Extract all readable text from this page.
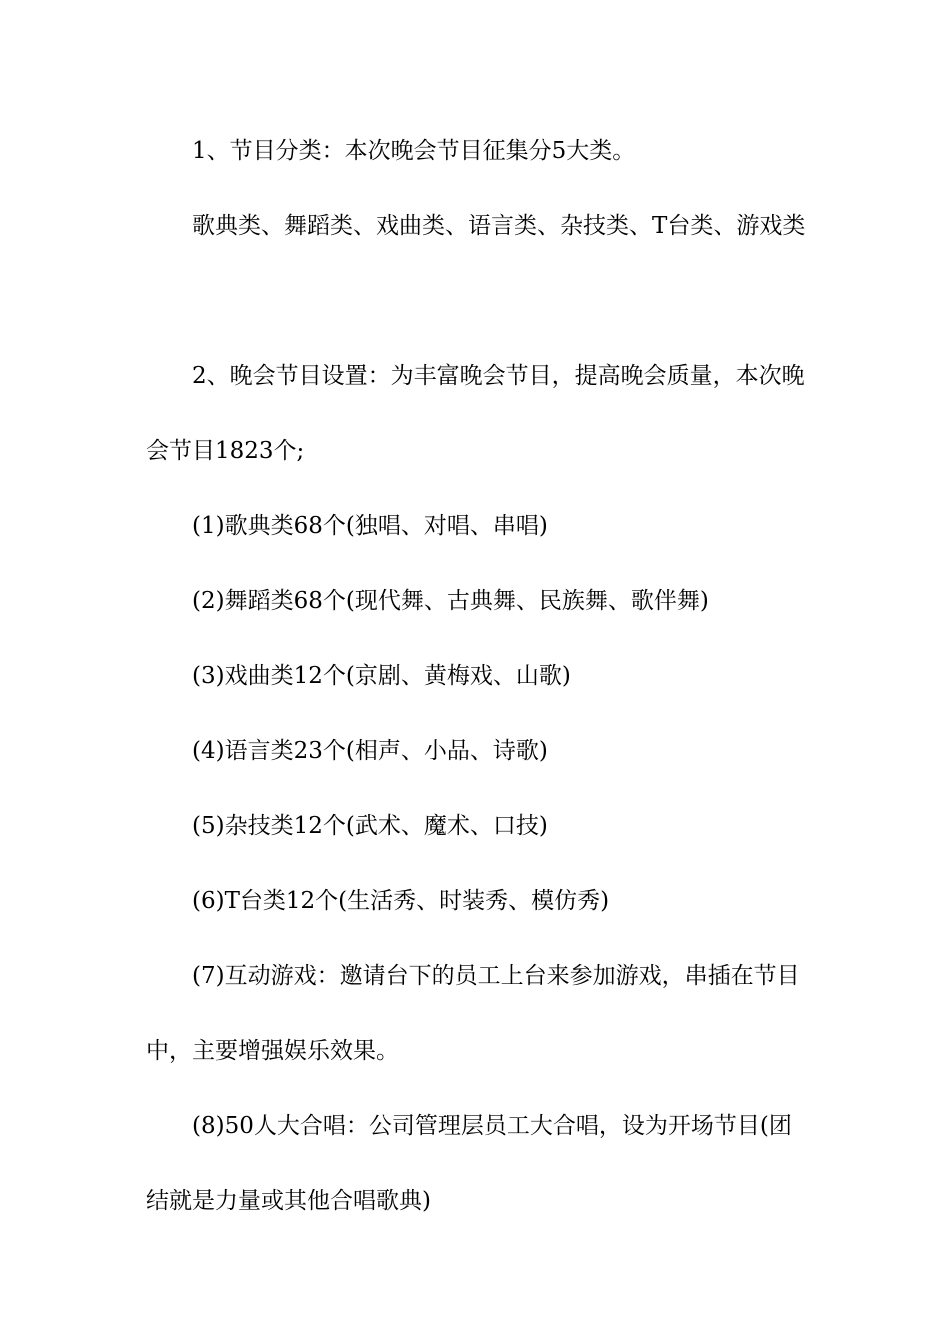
1、节目分类：本次晚会节目征集分5大类。

歌典类、舞蹈类、戏曲类、语言类、杂技类、T台类、游戏类

2、晚会节目设置：为丰富晚会节目，提高晚会质量，本次晚会节目1823个;

(1)歌典类68个(独唱、对唱、串唱)

(2)舞蹈类68个(现代舞、古典舞、民族舞、歌伴舞)

(3)戏曲类12个(京剧、黄梅戏、山歌)

(4)语言类23个(相声、小品、诗歌)

(5)杂技类12个(武术、魔术、口技)

(6)T台类12个(生活秀、时装秀、模仿秀)

(7)互动游戏：邀请台下的员工上台来参加游戏，串插在节目中，主要增强娱乐效果。

(8)50人大合唱：公司管理层员工大合唱，设为开场节目(团结就是力量或其他合唱歌典)
